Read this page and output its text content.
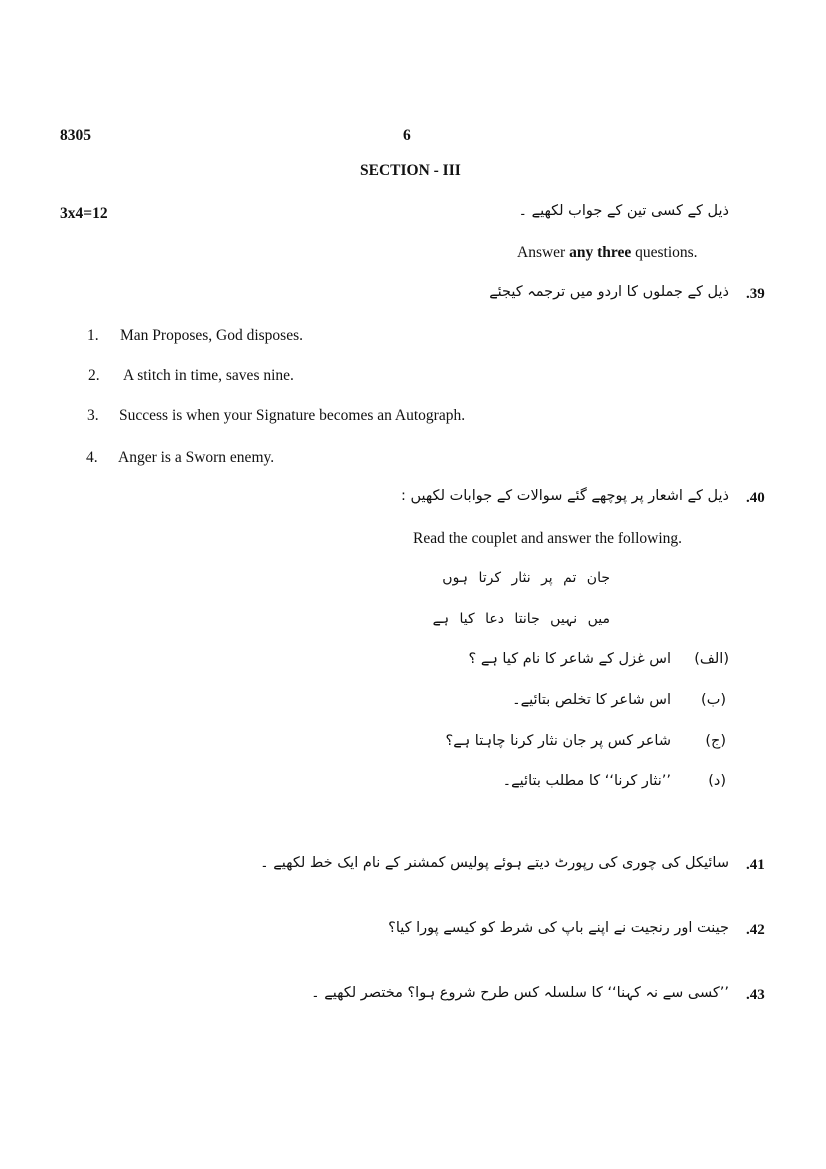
8305	6
SECTION - III
3x4=12	ذیل کے کسی تین کے جواب لکھیے ۔
Answer any three questions.
.39
ذیل کے جملوں کا اردو میں ترجمہ کیجئے
1. Man Proposes, God disposes.
2. A stitch in time, saves nine.
3. Success is when your Signature becomes an Autograph.
4. Anger is a Sworn enemy.
.40
ذیل کے اشعار پر پوچھے گئے سوالات کے جوابات لکھیں :
Read the couplet and answer the following.
جان تم پر نثار کرتا ہوں
میں نہیں جانتا دعا کیا ہے
(الف)
اس غزل کے شاعر کا نام کیا ہے ؟
(ب)
اس شاعر کا تخلص بتائیے۔
(ج)
شاعر کس پر جان نثار کرنا چاہتا ہے؟
(د)
’’نثار کرنا‘‘ کا مطلب بتائیے۔
.41
سائیکل کی چوری کی رپورٹ دیتے ہوئے پولیس کمشنر کے نام ایک خط لکھیے ۔
.42
جینت اور رنجیت نے اپنے باپ کی شرط کو کیسے پورا کیا؟
.43
’’کسی سے نہ کہنا‘‘ کا سلسلہ کس طرح شروع ہوا؟ مختصر لکھیے ۔
